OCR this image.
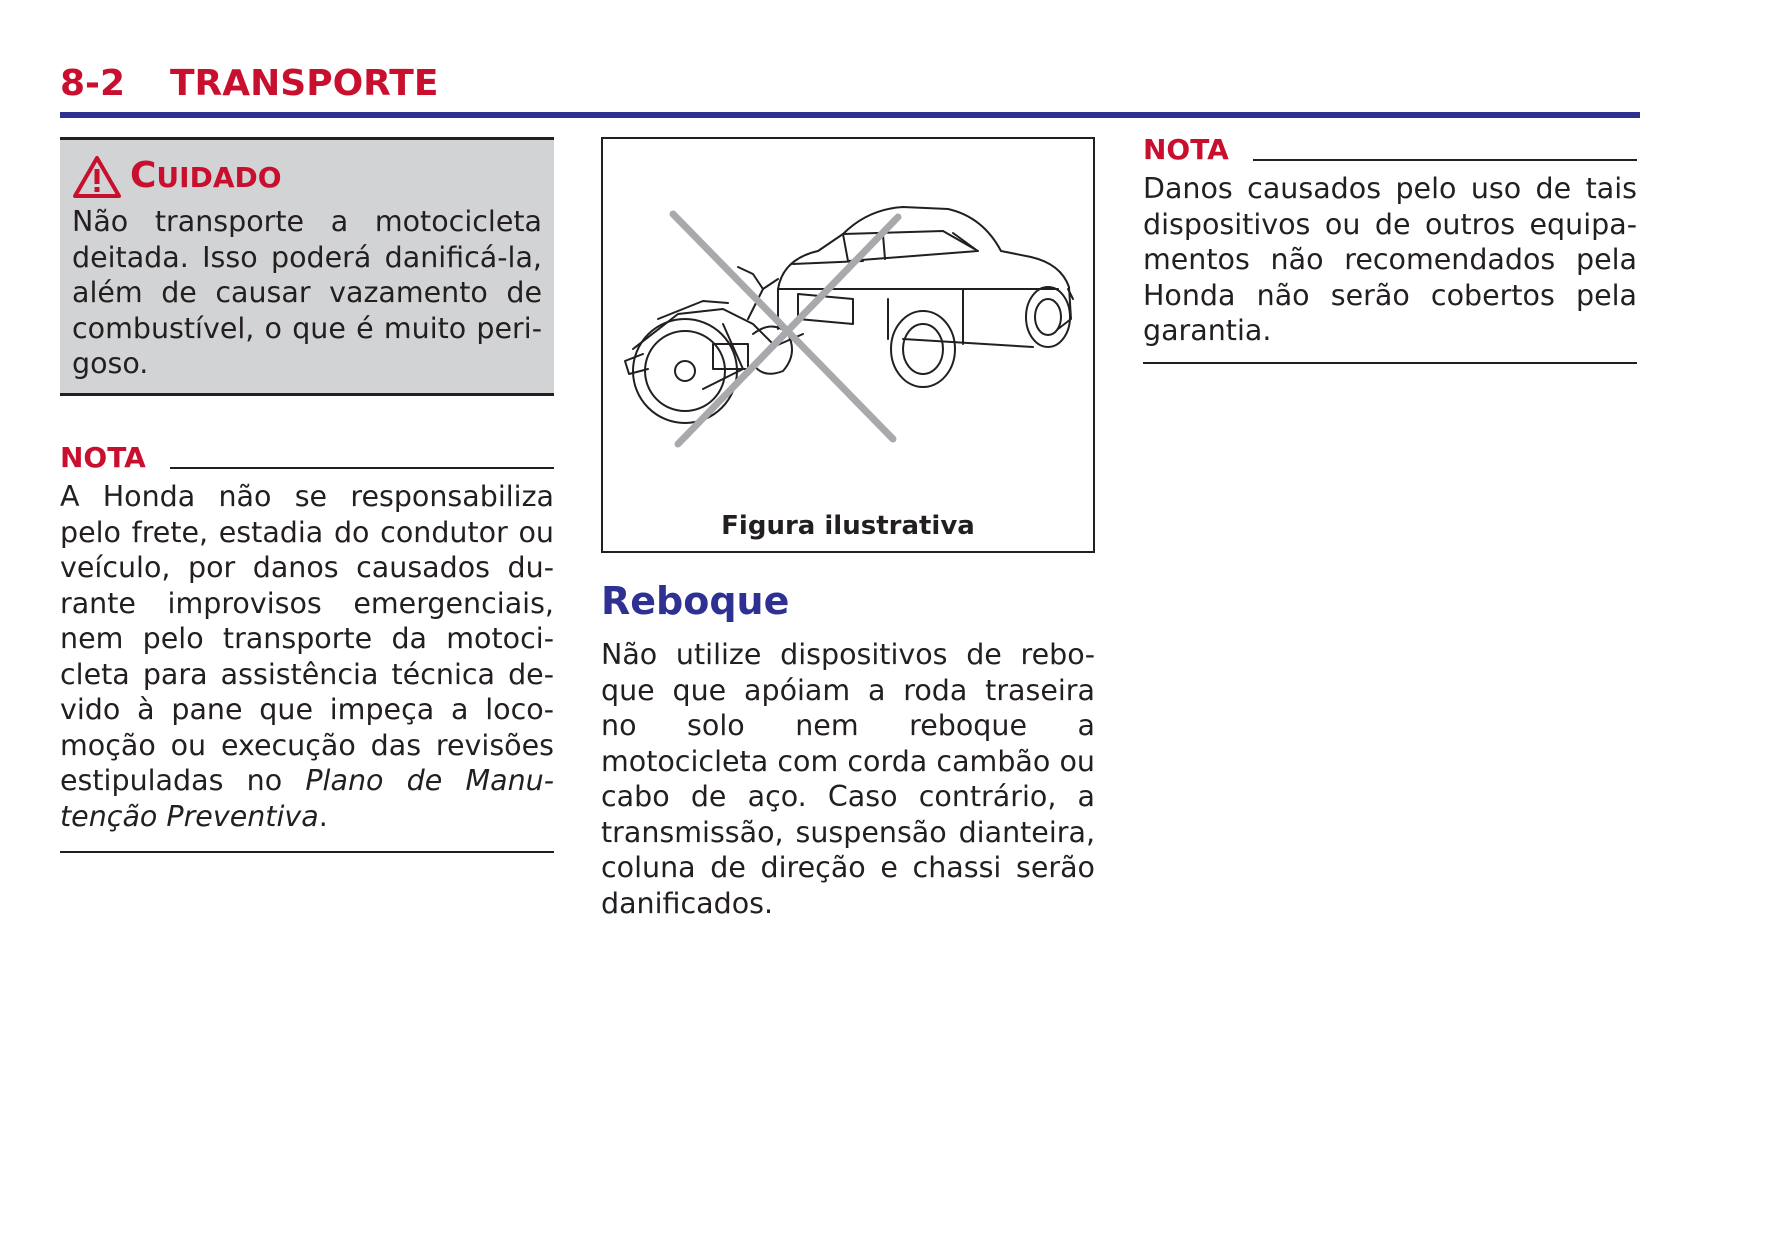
8-2 TRANSPORTE
CUIDADO

Não transporte a motocicleta deitada. Isso poderá danificá-la, além de causar vazamento de combustível, o que é muito perigoso.

NOTA

A Honda não se responsabiliza pelo frete, estadia do condutor ou veículo, por danos causados durante improvisos emergenciais, nem pelo transporte da motocicleta para assistência técnica devido à pane que impeça a locomoção ou execução das revisões estipuladas no Plano de Manutenção Preventiva.

Figura ilustrativa
Reboque

Não utilize dispositivos de reboque que apóiam a roda traseira no solo nem reboque a motocicleta com corda cambão ou cabo de aço. Caso contrário, a transmissão, suspensão dianteira, coluna de direção e chassi serão danificados.

NOTA

Danos causados pelo uso de tais dispositivos ou de outros equipamentos não recomendados pela Honda não serão cobertos pela garantia.
